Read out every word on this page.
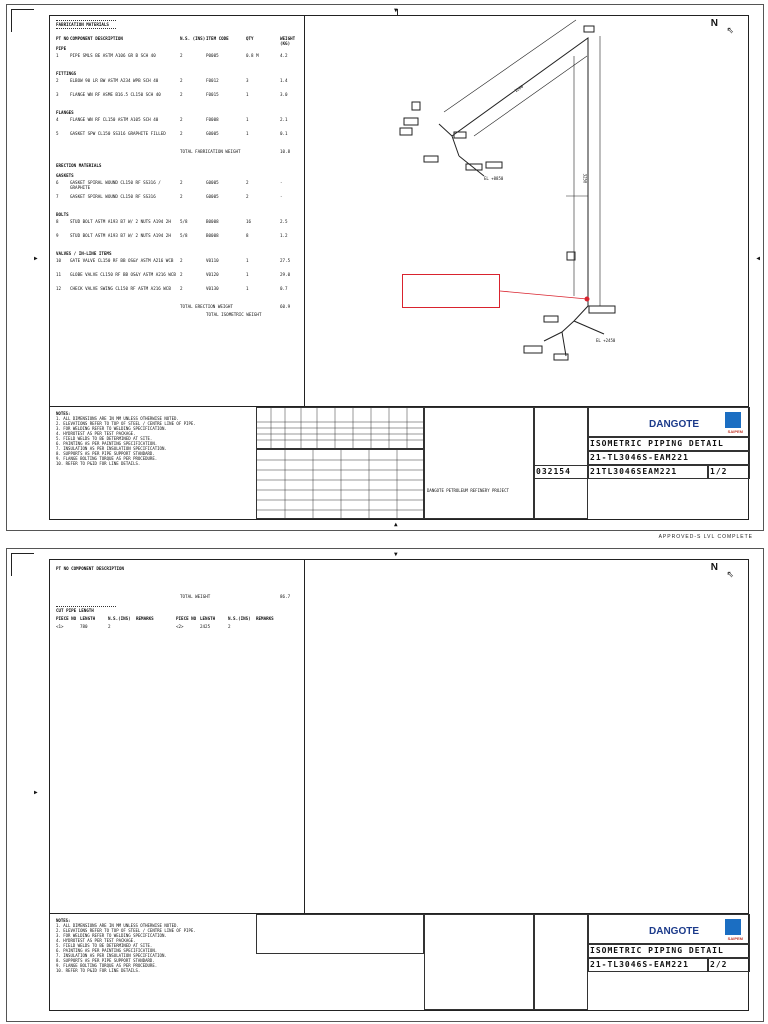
▼
▲
▶	◀
FABRICATION MATERIALS
PT NO COMPONENT DESCRIPTION	N.S. (INS) ITEM CODE	QTY	WEIGHT (KG)
PIPE
1	PIPE SMLS BE ASTM A106 GR B SCH 40	2	P0005	0.8 M	4.2
FITTINGS
2	ELBOW 90 LR BW ASTM A234 WPB SCH 40	2	F0012	3	1.4
3	FLANGE WN RF ASME B16.5 CL150 SCH 40	2	F0015	1	3.0
FLANGES
4	FLANGE WN RF CL150 ASTM A105 SCH 40	2	F0008	1	2.1
5	GASKET SPW CL150 SS316 GRAPHITE FILLED	2	G0005	1	0.1
TOTAL FABRICATION WEIGHT	10.8
ERECTION MATERIALS
GASKETS
6	GASKET SPIRAL WOUND CL150 RF SS316 / GRAPHITE
2	G0005	2	-
7	GASKET SPIRAL WOUND CL150 RF SS316	2	G0005	2	-
BOLTS
8	STUD BOLT ASTM A193 B7 W/ 2 NUTS A194 2H	5/8	B0008	16	2.5
9	STUD BOLT ASTM A193 B7 W/ 2 NUTS A194 2H	5/8	B0008	8	1.2
VALVES / IN-LINE ITEMS
10 GATE VALVE CL150 RF BB OS&Y ASTM A216 WCB	2	V0110	1	27.5
11 GLOBE VALVE CL150 RF BB OS&Y ASTM A216 WCB 2	V0120	1	29.0
12 CHECK VALVE SWING CL150 RF ASTM A216 WCB	2	V0130	1	0.7
TOTAL ERECTION WEIGHT	60.9
TOTAL ISOMETRIC WEIGHT
N ⇖
1200
3250
EL +8850
EL +2450
NOTES:
1. ALL DIMENSIONS ARE IN MM UNLESS OTHERWISE NOTED.
2. ELEVATIONS REFER TO TOP OF STEEL / CENTRE LINE OF PIPE.
3. FOR WELDING REFER TO WELDING SPECIFICATION.
4. HYDROTEST AS PER TEST PACKAGE.
5. FIELD WELDS TO BE DETERMINED AT SITE.
6. PAINTING AS PER PAINTING SPECIFICATION.
7. INSULATION AS PER INSULATION SPECIFICATION.
8. SUPPORTS AS PER PIPE SUPPORT STANDARD.
9. FLANGE BOLTING TORQUE AS PER PROCEDURE.
10. REFER TO P&ID FOR LINE DETAILS.
DANGOTE PETROLEUM REFINERY PROJECT
DANGOTE
SAIPEM
ISOMETRIC PIPING DETAIL
21-TL3046S-EAM221
21TL3046SEAM221	1/2
032154
APPROVED-S LVL COMPLETE
▼
▶
PT NO COMPONENT DESCRIPTION
TOTAL WEIGHT	86.7
CUT PIPE LENGTH
PIECE NO LENGTH	N.S.(INS) REMARKS	PIECE NO LENGTH	N.S.(INS) REMARKS
<1>	780	2	<2>	2425	2
N ⇖
NOTES:
1. ALL DIMENSIONS ARE IN MM UNLESS OTHERWISE NOTED.
2. ELEVATIONS REFER TO TOP OF STEEL / CENTRE LINE OF PIPE.
3. FOR WELDING REFER TO WELDING SPECIFICATION.
4. HYDROTEST AS PER TEST PACKAGE.
5. FIELD WELDS TO BE DETERMINED AT SITE.
6. PAINTING AS PER PAINTING SPECIFICATION.
7. INSULATION AS PER INSULATION SPECIFICATION.
8. SUPPORTS AS PER PIPE SUPPORT STANDARD.
9. FLANGE BOLTING TORQUE AS PER PROCEDURE.
10. REFER TO P&ID FOR LINE DETAILS.
DANGOTE
SAIPEM
ISOMETRIC PIPING DETAIL
21-TL3046S-EAM221	2/2
